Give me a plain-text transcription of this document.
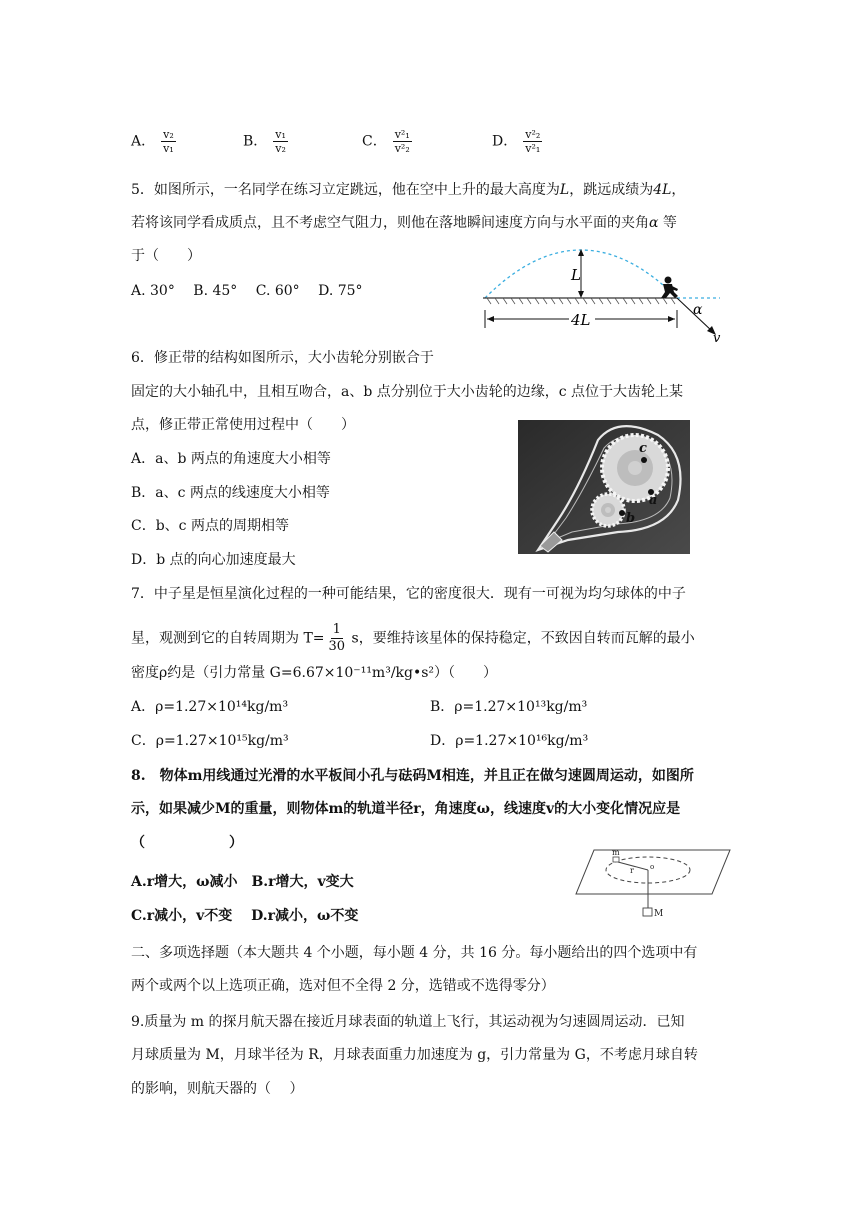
A． $\frac{\text{v₂}}{\text{v₁}}$	B． $\frac{\text{v₁}}{\text{v₂}}$	C． $\frac{\text{v²₁}}{\text{v²₂}}$	D． $\frac{\text{v²₂}}{\text{v²₁}}$
5．如图所示，一名同学在练习立定跳远，他在空中上升的最大高度为L，跳远成绩为4L，
若将该同学看成质点，且不考虑空气阻力，则他在落地瞬间速度方向与水平面的夹角α 等
于（　　）
A. 30°　 B. 45°　 C. 60°　 D. 75°
L
4L
α
v
6．修正带的结构如图所示，大小齿轮分别嵌合于
固定的大小轴孔中，且相互吻合，a、b 点分别位于大小齿轮的边缘，c 点位于大齿轮上某
点，修正带正常使用过程中（　　）
A．a、b 两点的角速度大小相等
B．a、c 两点的线速度大小相等
C．b、c 两点的周期相等
D．b 点的向心加速度最大
c
a
b
7．中子星是恒星演化过程的一种可能结果，它的密度很大．现有一可视为均匀球体的中子
星，观测到它的自转周期为 $T= \frac{1}{30}$ s，要维持该星体的保持稳定，不致因自转而瓦解的最小
密度ρ约是（引力常量 G=6.67×10⁻¹¹m³/kg•s²）（　　）
A．ρ=1.27×10¹⁴kg/m³	B．ρ=1.27×10¹³kg/m³
C．ρ=1.27×10¹⁵kg/m³	D．ρ=1.27×10¹⁶kg/m³
8.　物体m用线通过光滑的水平板间小孔与砝码M相连，并且正在做匀速圆周运动，如图所
示，如果减少M的重量，则物体m的轨道半径r，角速度ω，线速度v的大小变化情况应是
（　　　　　　）
A.r增大，ω减小　B.r增大，v变大
C.r减小，v不变　 D.r减小，ω不变
m
r o
M
二、多项选择题（本大题共 4 个小题，每小题 4 分，共 16 分。每小题给出的四个选项中有
两个或两个以上选项正确，选对但不全得 2 分，选错或不选得零分）
9.质量为 m 的探月航天器在接近月球表面的轨道上飞行，其运动视为匀速圆周运动．已知
月球质量为 M，月球半径为 R，月球表面重力加速度为 g，引力常量为 G，不考虑月球自转
的影响，则航天器的（　 ）
